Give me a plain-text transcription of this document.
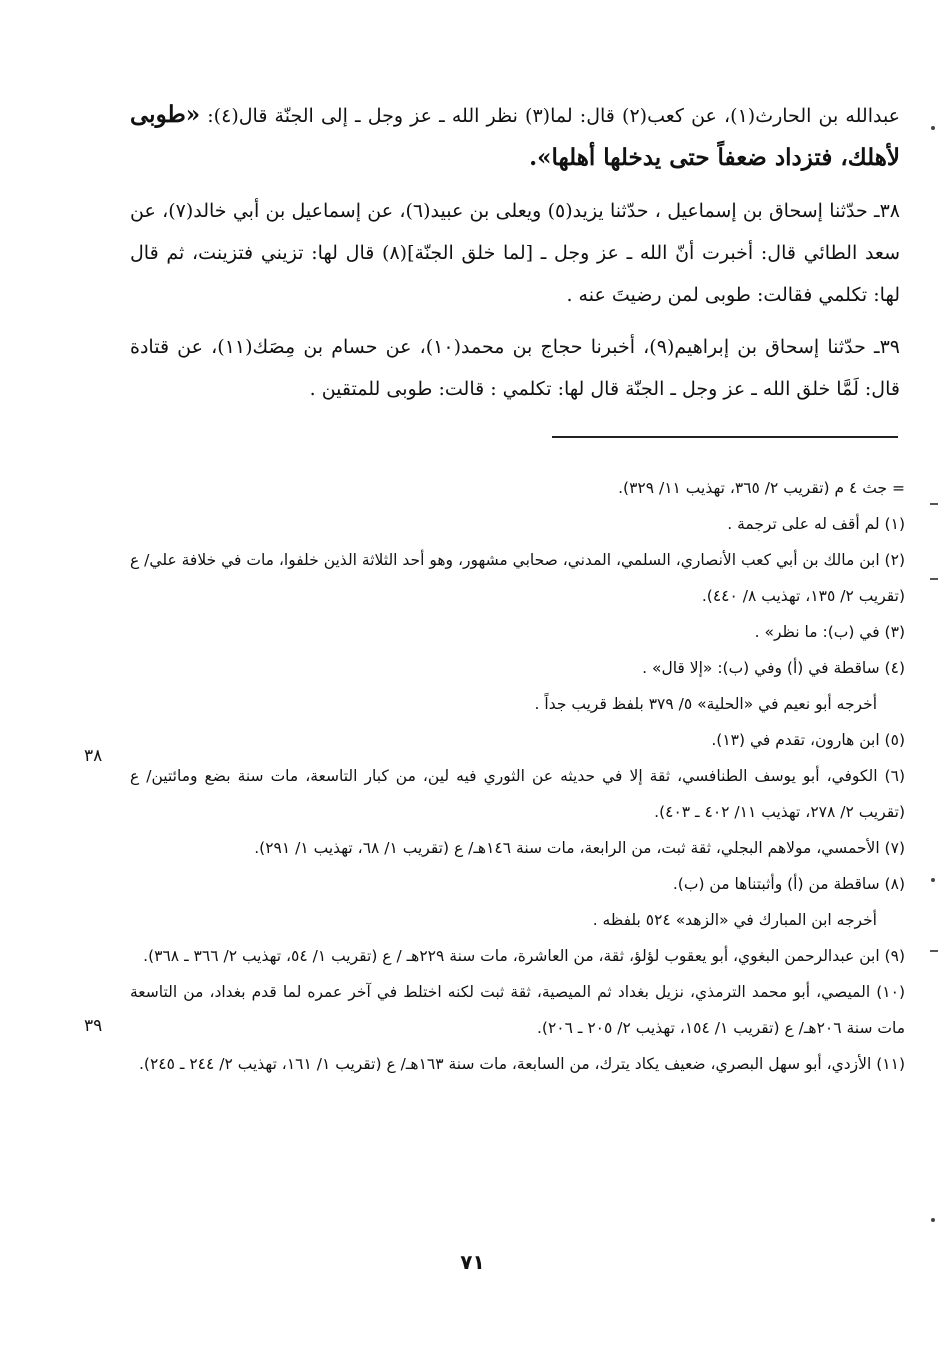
عبدالله بن الحارث(١)، عن كعب(٢) قال: لما(٣) نظر الله ـ عز وجل ـ إلى الجنّة قال(٤): «طوبى لأهلك، فتزداد ضعفاً حتى يدخلها أهلها».

٣٨ـ حدّثنا إسحاق بن إسماعيل ، حدّثنا يزيد(٥) ويعلى بن عبيد(٦)، عن إسماعيل بن أبي خالد(٧)، عن سعد الطائي قال: أخبرت أنّ الله ـ عز وجل ـ [لما خلق الجنّة](٨) قال لها: تزيني فتزينت، ثم قال لها: تكلمي فقالت: طوبى لمن رضيتَ عنه .

٣٩ـ حدّثنا إسحاق بن إبراهيم(٩)، أخبرنا حجاج بن محمد(١٠)، عن حسام بن مِصَك(١١)، عن قتادة قال: لَمَّا خلق الله ـ عز وجل ـ الجنّة قال لها: تكلمي : قالت: طوبى للمتقين .

= جث ٤ م (تقريب ٢/ ٣٦٥، تهذيب ١١/ ٣٢٩).

(١) لم أقف له على ترجمة .

(٢) ابن مالك بن أبي كعب الأنصاري، السلمي، المدني، صحابي مشهور، وهو أحد الثلاثة الذين خلفوا، مات في خلافة علي/ ع (تقريب ٢/ ١٣٥، تهذيب ٨/ ٤٤٠).

(٣) في (ب): ما نظر» .

(٤) ساقطة في (أ) وفي (ب): «إلا قال» .

أخرجه أبو نعيم في «الحلية» ٥/ ٣٧٩ بلفظ قريب جداً .

(٥) ابن هارون، تقدم في (١٣).

(٦) الكوفي، أبو يوسف الطنافسي، ثقة إلا في حديثه عن الثوري فيه لين، من كبار التاسعة، مات سنة بضع ومائتين/ ع (تقريب ٢/ ٢٧٨، تهذيب ١١/ ٤٠٢ ـ ٤٠٣).

(٧) الأحمسي، مولاهم البجلي، ثقة ثبت، من الرابعة، مات سنة ١٤٦هـ/ ع (تقريب ١/ ٦٨، تهذيب ١/ ٢٩١).

(٨) ساقطة من (أ) وأثبتناها من (ب).

أخرجه ابن المبارك في «الزهد» ٥٢٤ بلفظه .

(٩) ابن عبدالرحمن البغوي، أبو يعقوب لؤلؤ، ثقة، من العاشرة، مات سنة ٢٢٩هـ / ع (تقريب ١/ ٥٤، تهذيب ٢/ ٣٦٦ ـ ٣٦٨).

(١٠) الميصي، أبو محمد الترمذي، نزيل بغداد ثم الميصية، ثقة ثبت لكنه اختلط في آخر عمره لما قدم بغداد، من التاسعة مات سنة ٢٠٦هـ/ ع (تقريب ١/ ١٥٤، تهذيب ٢/ ٢٠٥ ـ ٢٠٦).

(١١) الأزدي، أبو سهل البصري، ضعيف يكاد يترك، من السابعة، مات سنة ١٦٣هـ/ ع (تقريب ١/ ١٦١، تهذيب ٢/ ٢٤٤ ـ ٢٤٥).

٣٨
٣٩
٧١
